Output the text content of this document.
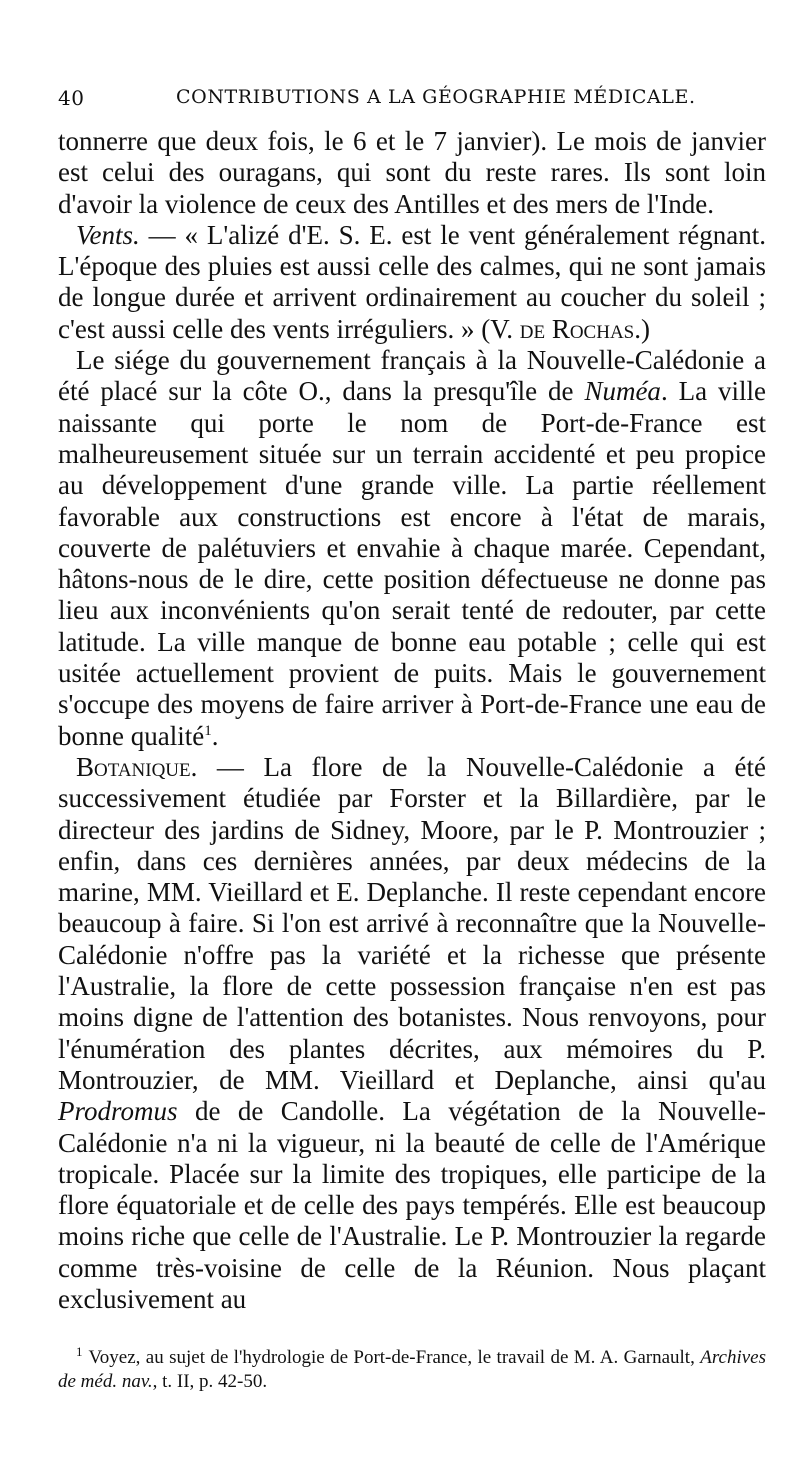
40	CONTRIBUTIONS A LA GÉOGRAPHIE MÉDICALE.

tonnerre que deux fois, le 6 et le 7 janvier). Le mois de janvier est celui des ouragans, qui sont du reste rares. Ils sont loin d'avoir la violence de ceux des Antilles et des mers de l'Inde.

Vents. — « L'alizé d'E. S. E. est le vent généralement régnant. L'époque des pluies est aussi celle des calmes, qui ne sont jamais de longue durée et arrivent ordinairement au coucher du soleil ; c'est aussi celle des vents irréguliers. » (V. de Rochas.)

Le siége du gouvernement français à la Nouvelle-Calédonie a été placé sur la côte O., dans la presqu'île de Numéa. La ville naissante qui porte le nom de Port-de-France est malheureusement située sur un terrain accidenté et peu propice au développement d'une grande ville. La partie réellement favorable aux constructions est encore à l'état de marais, couverte de palétuviers et envahie à chaque marée. Cependant, hâtons-nous de le dire, cette position défectueuse ne donne pas lieu aux inconvénients qu'on serait tenté de redouter, par cette latitude. La ville manque de bonne eau potable ; celle qui est usitée actuellement provient de puits. Mais le gouvernement s'occupe des moyens de faire arriver à Port-de-France une eau de bonne qualité$^1$.

Botanique. — La flore de la Nouvelle-Calédonie a été successivement étudiée par Forster et la Billardière, par le directeur des jardins de Sidney, Moore, par le P. Montrouzier ; enfin, dans ces dernières années, par deux médecins de la marine, MM. Vieillard et E. Deplanche. Il reste cependant encore beaucoup à faire. Si l'on est arrivé à reconnaître que la Nouvelle-Calédonie n'offre pas la variété et la richesse que présente l'Australie, la flore de cette possession française n'en est pas moins digne de l'attention des botanistes. Nous renvoyons, pour l'énumération des plantes décrites, aux mémoires du P. Montrouzier, de MM. Vieillard et Deplanche, ainsi qu'au Prodromus de de Candolle. La végétation de la Nouvelle-Calédonie n'a ni la vigueur, ni la beauté de celle de l'Amérique tropicale. Placée sur la limite des tropiques, elle participe de la flore équatoriale et de celle des pays tempérés. Elle est beaucoup moins riche que celle de l'Australie. Le P. Montrouzier la regarde comme très-voisine de celle de la Réunion. Nous plaçant exclusivement au

$^1$ Voyez, au sujet de l'hydrologie de Port-de-France, le travail de M. A. Garnault, Archives de méd. nav., t. II, p. 42-50.
